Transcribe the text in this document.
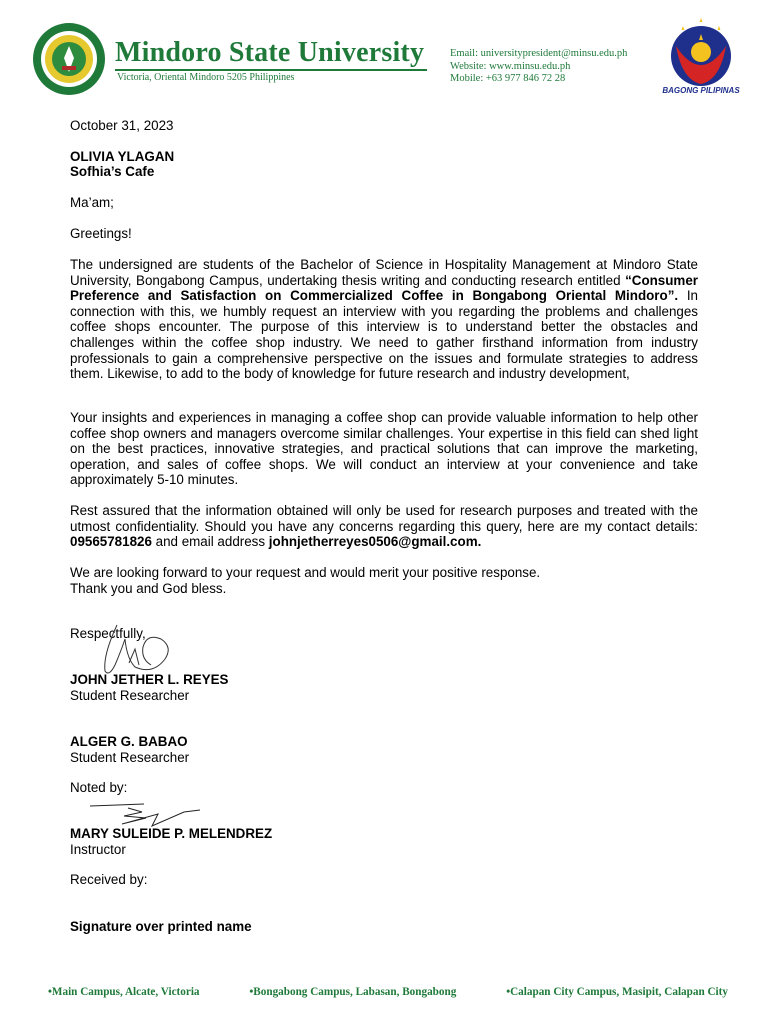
Mindoro State University
Victoria, Oriental Mindoro 5205 Philippines
Email: universitypresident@minsu.edu.ph
Website: www.minsu.edu.ph
Mobile: +63 977 846 72 28
BAGONG PILIPINAS
October 31, 2023
OLIVIA YLAGAN
Sofhia’s Cafe
Ma’am;
Greetings!
The undersigned are students of the Bachelor of Science in Hospitality Management at Mindoro State University, Bongabong Campus, undertaking thesis writing and conducting research entitled “Consumer Preference and Satisfaction on Commercialized Coffee in Bongabong Oriental Mindoro”. In connection with this, we humbly request an interview with you regarding the problems and challenges coffee shops encounter. The purpose of this interview is to understand better the obstacles and challenges within the coffee shop industry. We need to gather firsthand information from industry professionals to gain a comprehensive perspective on the issues and formulate strategies to address them. Likewise, to add to the body of knowledge for future research and industry development,
Your insights and experiences in managing a coffee shop can provide valuable information to help other coffee shop owners and managers overcome similar challenges. Your expertise in this field can shed light on the best practices, innovative strategies, and practical solutions that can improve the marketing, operation, and sales of coffee shops. We will conduct an interview at your convenience and take approximately 5-10 minutes.
Rest assured that the information obtained will only be used for research purposes and treated with the utmost confidentiality. Should you have any concerns regarding this query, here are my contact details: 09565781826 and email address johnjetherreyes0506@gmail.com.
We are looking forward to your request and would merit your positive response.
Thank you and God bless.
Respectfully,
JOHN JETHER L. REYES
Student Researcher
ALGER G. BABAO
Student Researcher
Noted by:
MARY SULEIDE P. MELENDREZ
Instructor
Received by:
Signature over printed name
•Main Campus, Alcate, Victoria	•Bongabong Campus, Labasan, Bongabong	•Calapan City Campus, Masipit, Calapan City
